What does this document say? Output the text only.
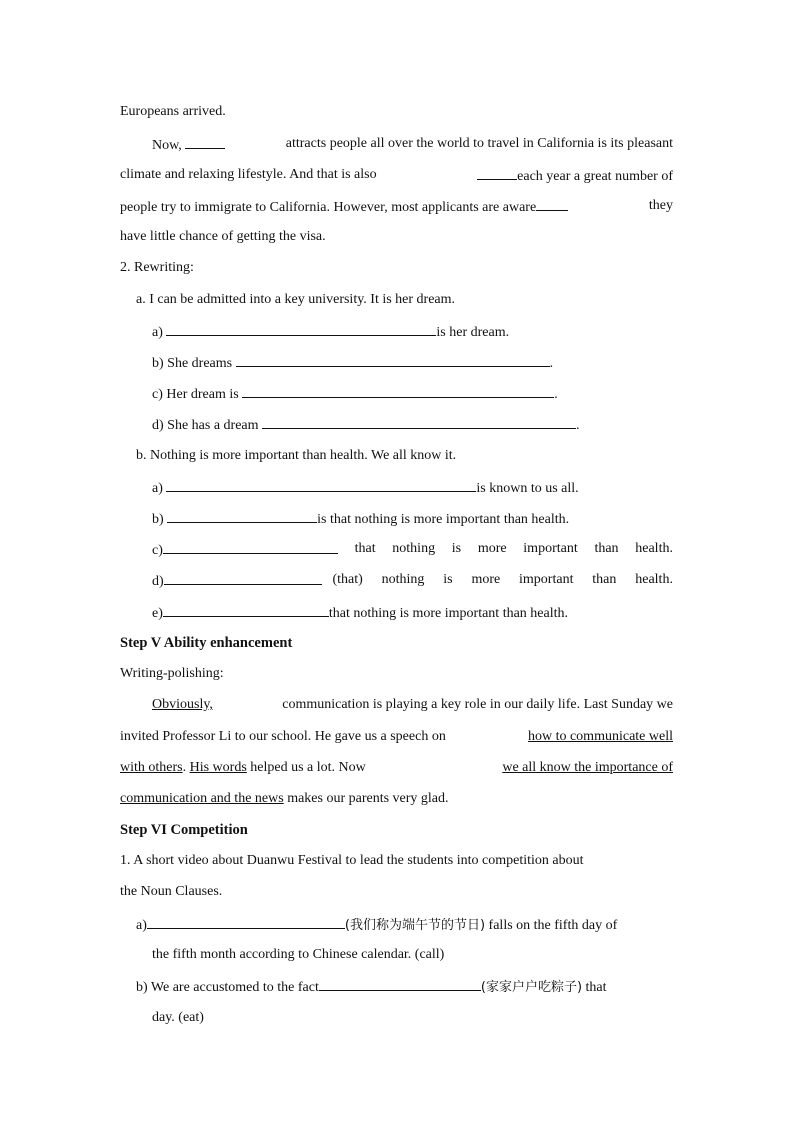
Europeans arrived.
Now,	attracts people all over the world to travel in California is its pleasant
climate and relaxing lifestyle. And that is also	each year a great number of
people try to immigrate to California. However, most applicants are aware	they
have little chance of getting the visa.
2. Rewriting:
a. I can be admitted into a key university. It is her dream.
a)	is her dream.
b) She dreams	.
c) Her dream is	.
d) She has a dream	.
b. Nothing is more important than health. We all know it.
a)	is known to us all.
b)	is that nothing is more important than health.
c)	that nothing is more important than health.
d)	(that) nothing is more important than health.
e)	that nothing is more important than health.
Step V Ability enhancement
Writing-polishing:
Obviously,	communication is playing a key role in our daily life. Last Sunday we
invited Professor Li to our school. He gave us a speech on	how to communicate well
with others. His words helped us a lot. Now	we all know the importance of
communication and the news makes our parents very glad.
Step VI Competition
1. A short video about Duanwu Festival to lead the students into competition about
the Noun Clauses.
a)	(我们称为端午节的节日) falls on the fifth day of
the fifth month according to Chinese calendar. (call)
b) We are accustomed to the fact	(家家户户吃粽子) that
day. (eat)
